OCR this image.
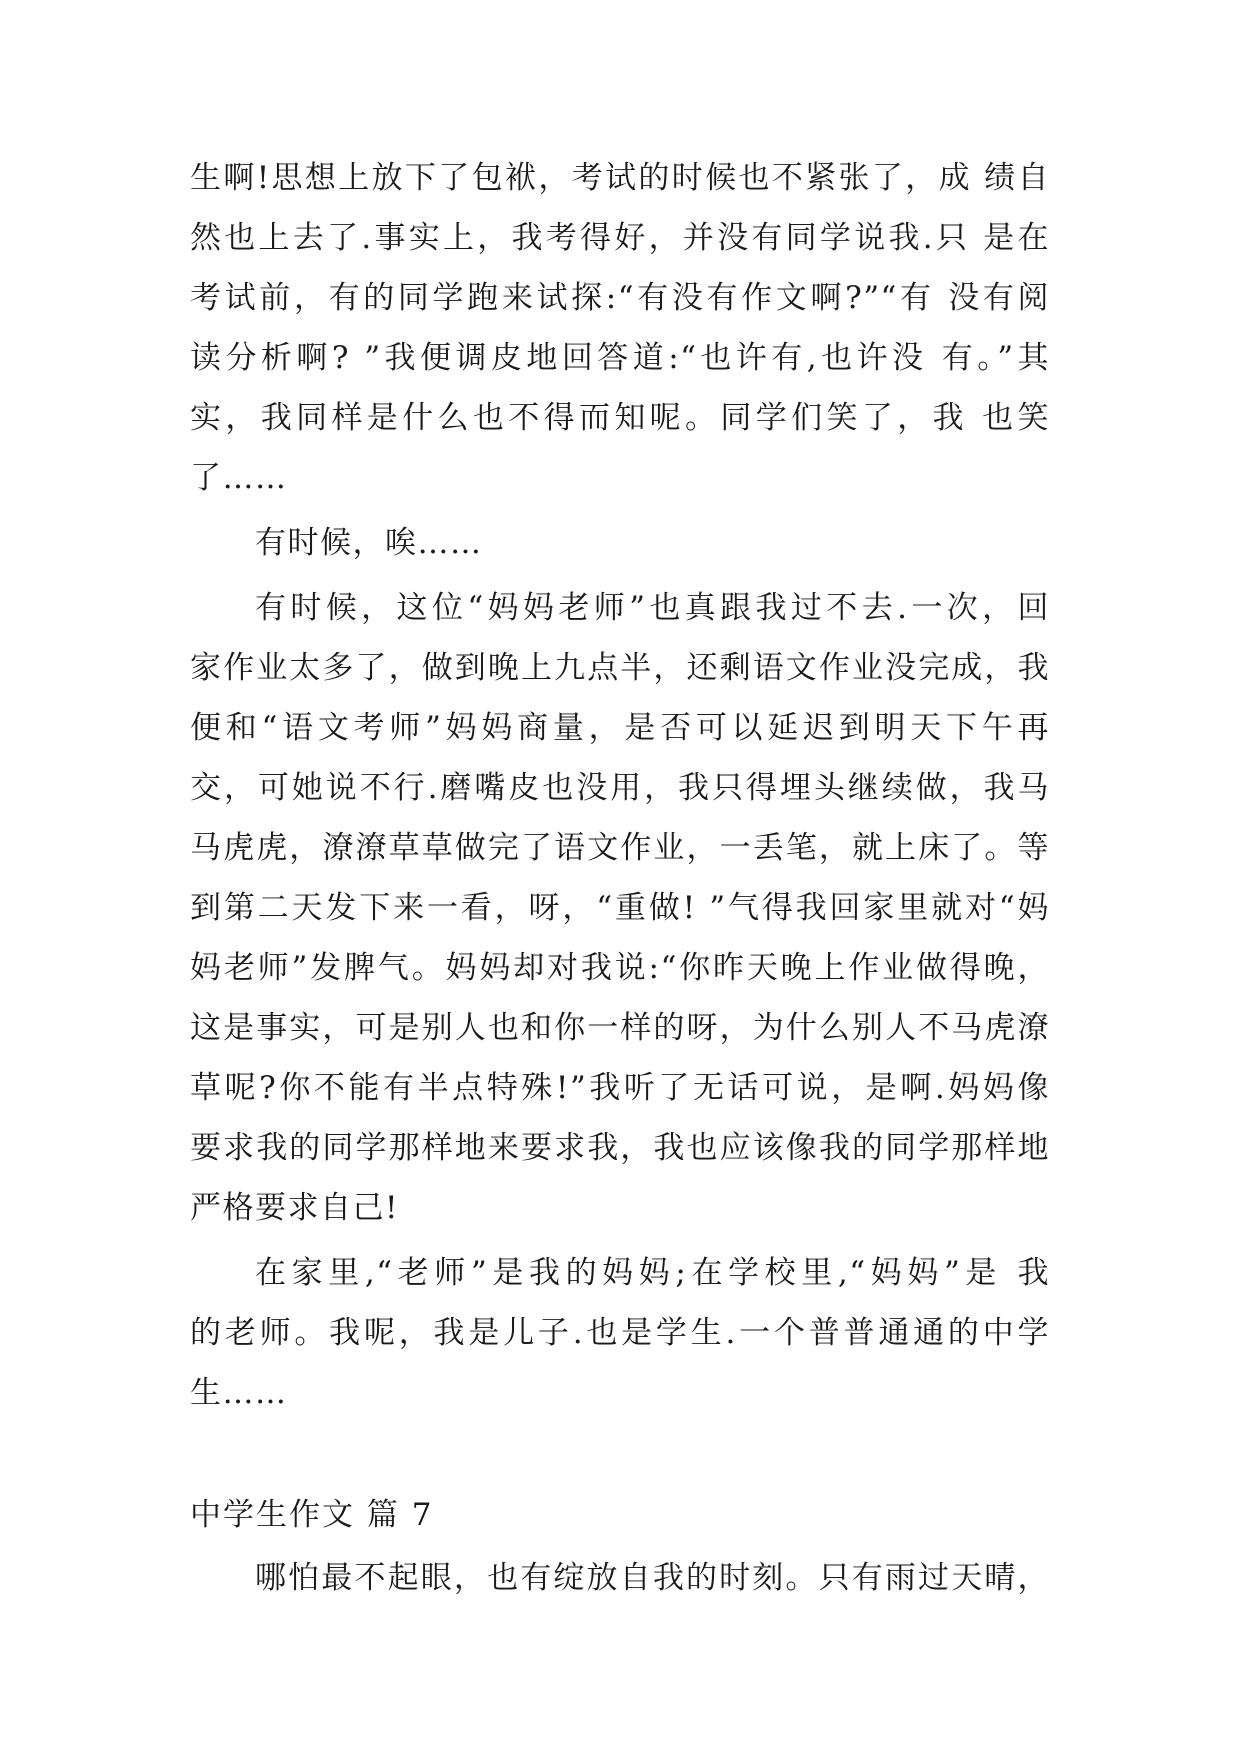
生啊!思想上放下了包袱，考试的时候也不紧张了，成 绩自
然也上去了.事实上，我考得好，并没有同学说我.只 是在
考试前，有的同学跑来试探:“有没有作文啊?”“有 没有阅
读分析啊? ”我便调皮地回答道:“也许有,也许没 有。”其
实，我同样是什么也不得而知呢。同学们笑了，我 也笑
了……
有时候，唉……
有时候，这位“妈妈老师”也真跟我过不去.一次，回
家作业太多了，做到晚上九点半，还剩语文作业没完成，我
便和“语文考师”妈妈商量，是否可以延迟到明天下午再
交，可她说不行.磨嘴皮也没用，我只得埋头继续做，我马
马虎虎，潦潦草草做完了语文作业，一丢笔，就上床了。等
到第二天发下来一看，呀，“重做! ”气得我回家里就对“妈
妈老师”发脾气。妈妈却对我说:“你昨天晚上作业做得晚，
这是事实，可是别人也和你一样的呀，为什么别人不马虎潦
草呢?你不能有半点特殊!”我听了无话可说，是啊.妈妈像
要求我的同学那样地来要求我，我也应该像我的同学那样地
严格要求自己!
在家里,“老师”是我的妈妈;在学校里,“妈妈”是 我
的老师。我呢，我是儿子.也是学生.一个普普通通的中学
生……
中学生作文 篇 7
哪怕最不起眼，也有绽放自我的时刻。只有雨过天晴，
